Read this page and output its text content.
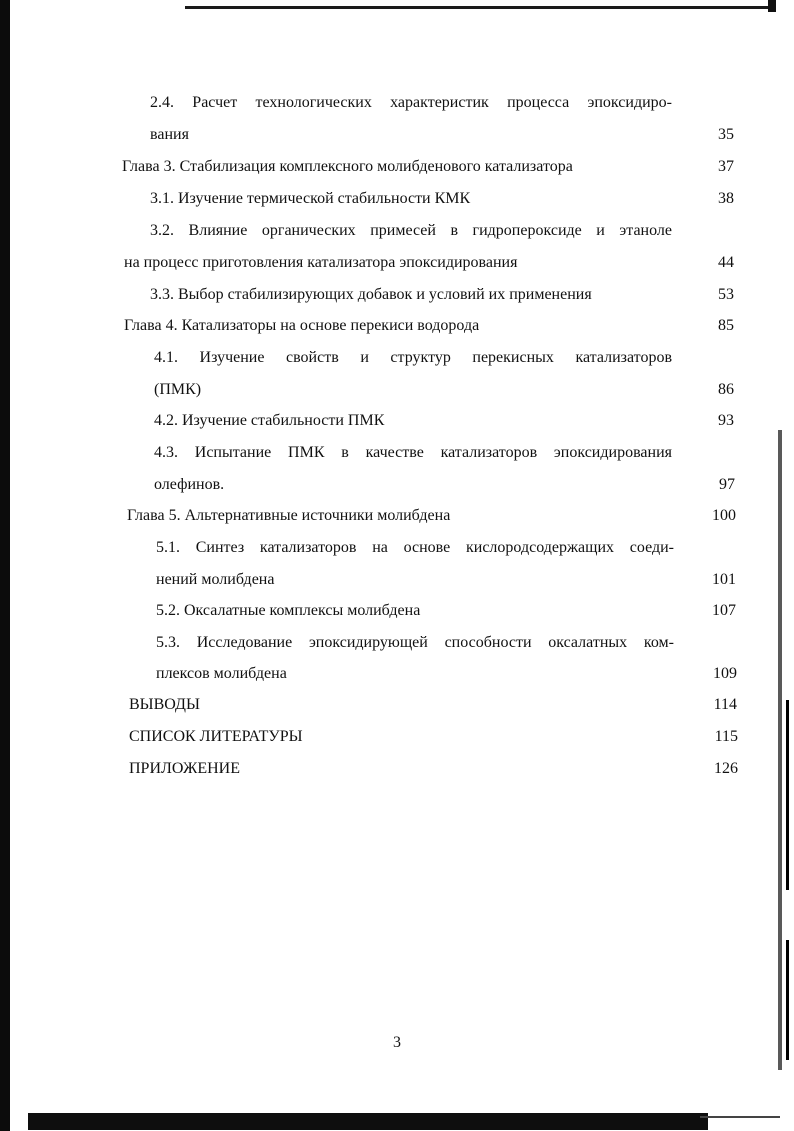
2.4. Расчет технологических характеристик процесса эпоксидиро-
вания	35
Глава 3. Стабилизация комплексного молибденового катализатора	37
3.1. Изучение термической стабильности КМК	38
3.2. Влияние органических примесей в гидропероксиде и этаноле
на процесс приготовления катализатора эпоксидирования	44
3.3. Выбор стабилизирующих добавок и условий их применения	53
Глава 4. Катализаторы на основе перекиси водорода	85
4.1. Изучение свойств и структур перекисных катализаторов
(ПМК)	86
4.2. Изучение стабильности ПМК	93
4.3. Испытание ПМК в качестве катализаторов эпоксидирования
олефинов.	97
Глава 5. Альтернативные источники молибдена	100
5.1. Синтез катализаторов на основе кислородсодержащих соеди-
нений молибдена	101
5.2. Оксалатные комплексы молибдена	107
5.3. Исследование эпоксидирующей способности оксалатных ком-
плексов молибдена	109
ВЫВОДЫ	114
СПИСОК ЛИТЕРАТУРЫ	115
ПРИЛОЖЕНИЕ	126
3
